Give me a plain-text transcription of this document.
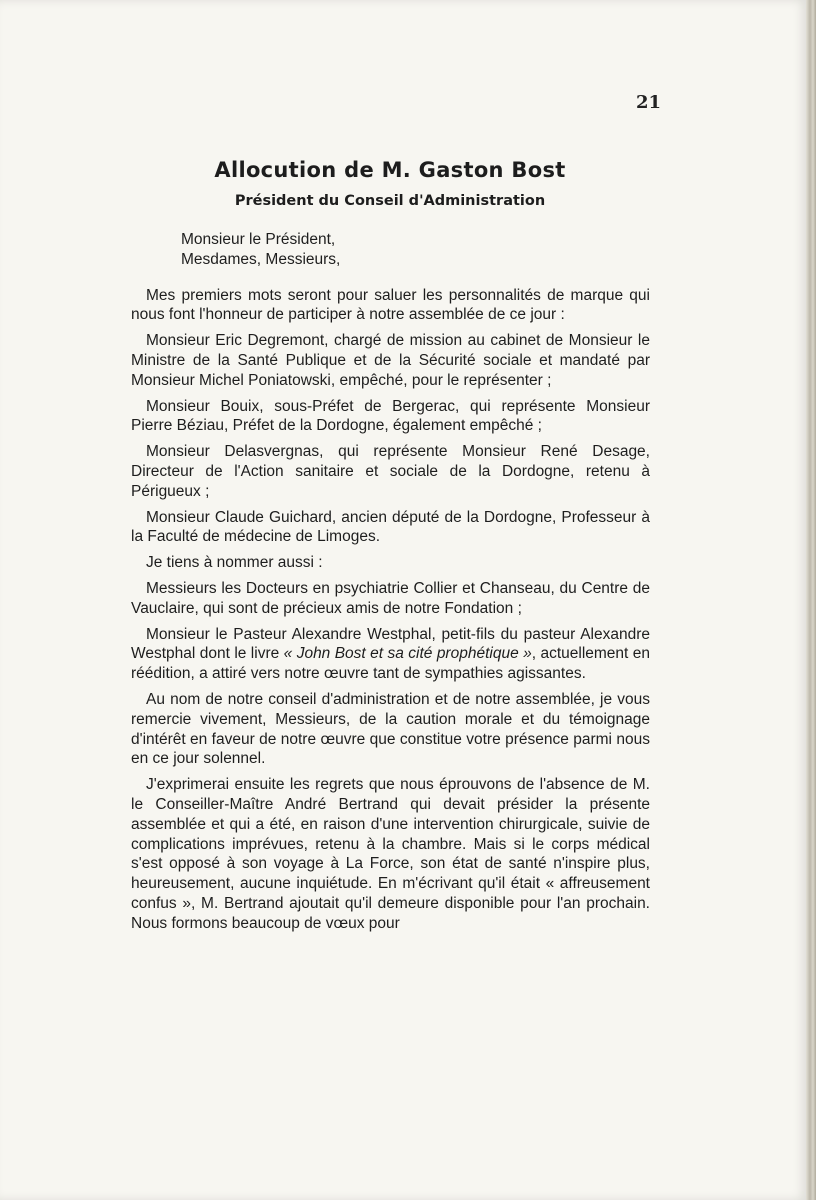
21
Allocution de M. Gaston Bost
Président du Conseil d'Administration

Monsieur le Président,

Mesdames, Messieurs,

Mes premiers mots seront pour saluer les personnalités de marque qui nous font l'honneur de participer à notre assemblée de ce jour :

Monsieur Eric Degremont, chargé de mission au cabinet de Monsieur le Ministre de la Santé Publique et de la Sécurité sociale et mandaté par Monsieur Michel Poniatowski, empêché, pour le représenter ;

Monsieur Bouix, sous-Préfet de Bergerac, qui représente Monsieur Pierre Béziau, Préfet de la Dordogne, également empêché ;

Monsieur Delasvergnas, qui représente Monsieur René Desage, Directeur de l'Action sanitaire et sociale de la Dordogne, retenu à Périgueux ;

Monsieur Claude Guichard, ancien député de la Dordogne, Professeur à la Faculté de médecine de Limoges.

Je tiens à nommer aussi :

Messieurs les Docteurs en psychiatrie Collier et Chanseau, du Centre de Vauclaire, qui sont de précieux amis de notre Fondation ;

Monsieur le Pasteur Alexandre Westphal, petit-fils du pasteur Alexandre Westphal dont le livre « John Bost et sa cité prophétique », actuellement en réédition, a attiré vers notre œuvre tant de sympathies agissantes.

Au nom de notre conseil d'administration et de notre assemblée, je vous remercie vivement, Messieurs, de la caution morale et du témoignage d'intérêt en faveur de notre œuvre que constitue votre présence parmi nous en ce jour solennel.

J'exprimerai ensuite les regrets que nous éprouvons de l'absence de M. le Conseiller-Maître André Bertrand qui devait présider la présente assemblée et qui a été, en raison d'une intervention chirurgicale, suivie de complications imprévues, retenu à la chambre. Mais si le corps médical s'est opposé à son voyage à La Force, son état de santé n'inspire plus, heureusement, aucune inquiétude. En m'écrivant qu'il était « affreusement confus », M. Bertrand ajoutait qu'il demeure disponible pour l'an prochain. Nous formons beaucoup de vœux pour
